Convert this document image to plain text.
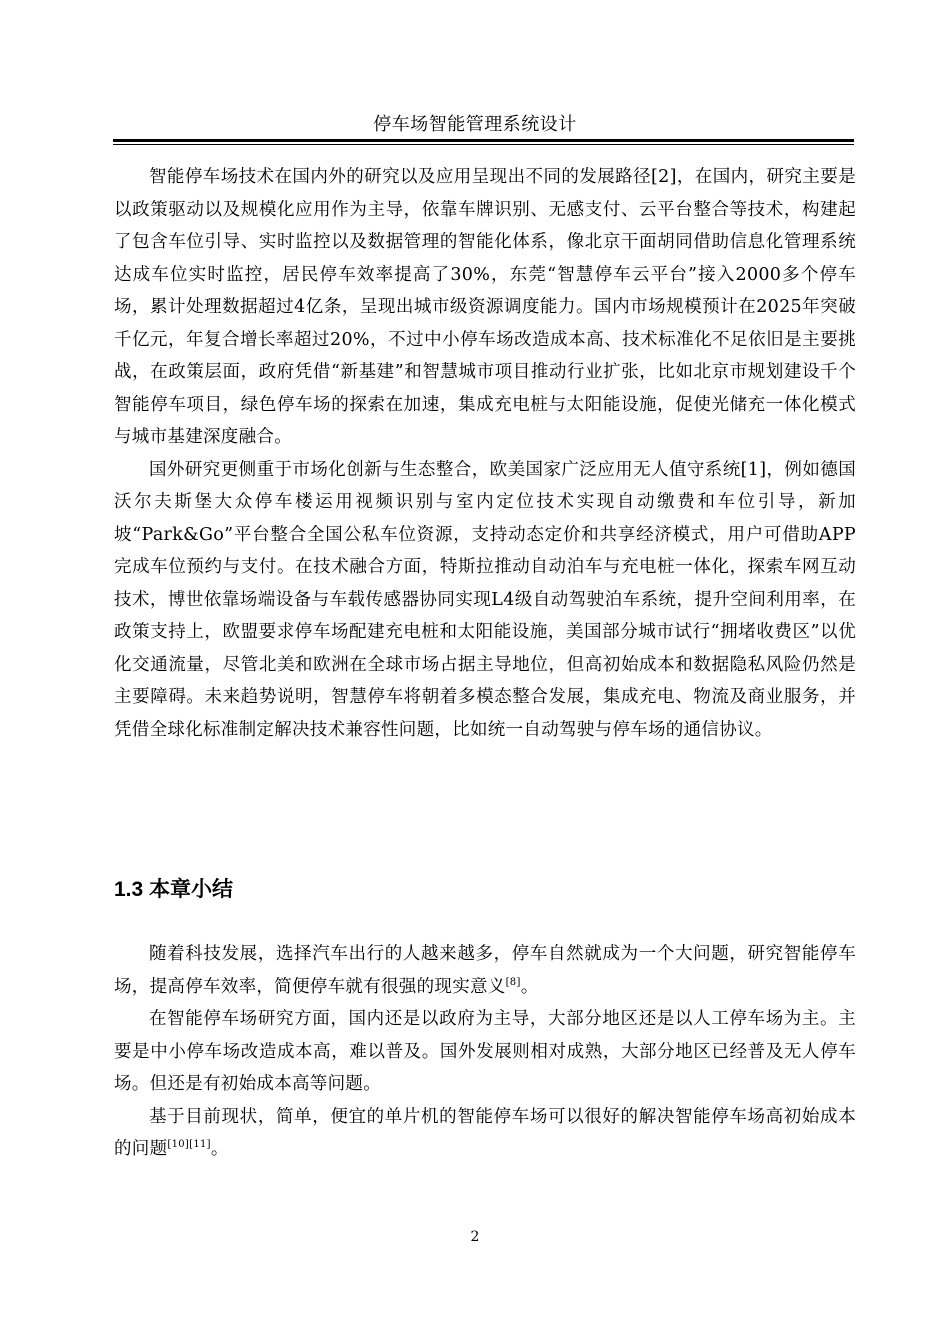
停车场智能管理系统设计

智能停车场技术在国内外的研究以及应用呈现出不同的发展路径[2]，在国内，研究主要是以政策驱动以及规模化应用作为主导，依靠车牌识别、无感支付、云平台整合等技术，构建起了包含车位引导、实时监控以及数据管理的智能化体系，像北京干面胡同借助信息化管理系统达成车位实时监控，居民停车效率提高了30%，东莞“智慧停车云平台”接入2000多个停车场，累计处理数据超过4亿条，呈现出城市级资源调度能力。国内市场规模预计在2025年突破千亿元，年复合增长率超过20%，不过中小停车场改造成本高、技术标准化不足依旧是主要挑战，在政策层面，政府凭借“新基建”和智慧城市项目推动行业扩张，比如北京市规划建设千个智能停车项目，绿色停车场的探索在加速，集成充电桩与太阳能设施，促使光储充一体化模式与城市基建深度融合。

国外研究更侧重于市场化创新与生态整合，欧美国家广泛应用无人值守系统[1]，例如德国沃尔夫斯堡大众停车楼运用视频识别与室内定位技术实现自动缴费和车位引导，新加坡“Park&Go”平台整合全国公私车位资源，支持动态定价和共享经济模式，用户可借助APP完成车位预约与支付。在技术融合方面，特斯拉推动自动泊车与充电桩一体化，探索车网互动技术，博世依靠场端设备与车载传感器协同实现L4级自动驾驶泊车系统，提升空间利用率，在政策支持上，欧盟要求停车场配建充电桩和太阳能设施，美国部分城市试行“拥堵收费区”以优化交通流量，尽管北美和欧洲在全球市场占据主导地位，但高初始成本和数据隐私风险仍然是主要障碍。未来趋势说明，智慧停车将朝着多模态整合发展，集成充电、物流及商业服务，并凭借全球化标准制定解决技术兼容性问题，比如统一自动驾驶与停车场的通信协议。

1.3 本章小结

随着科技发展，选择汽车出行的人越来越多，停车自然就成为一个大问题，研究智能停车场，提高停车效率，简便停车就有很强的现实意义[8]。

在智能停车场研究方面，国内还是以政府为主导，大部分地区还是以人工停车场为主。主要是中小停车场改造成本高，难以普及。国外发展则相对成熟，大部分地区已经普及无人停车场。但还是有初始成本高等问题。

基于目前现状，简单，便宜的单片机的智能停车场可以很好的解决智能停车场高初始成本的问题[10][11]。

2
